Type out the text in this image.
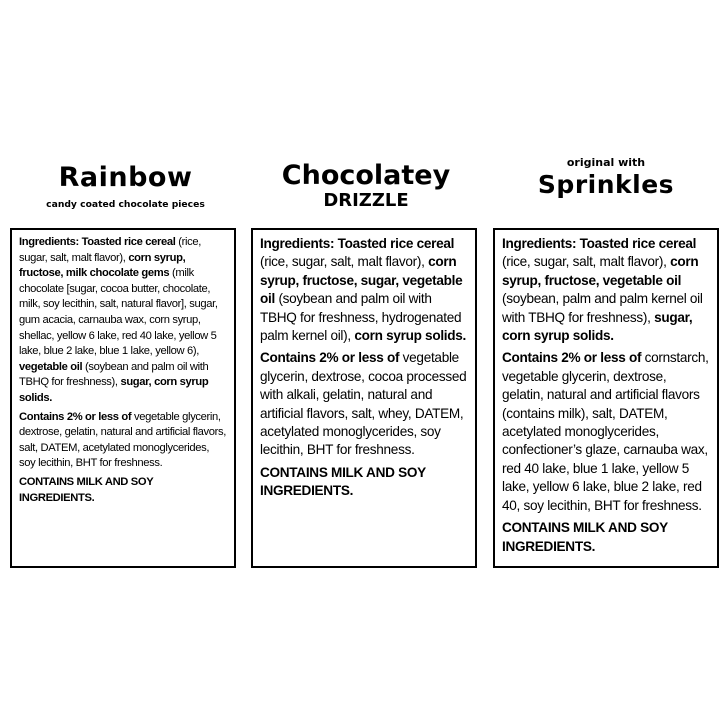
Rainbow
candy coated chocolate pieces

Ingredients: Toasted rice cereal (rice, sugar, salt, malt flavor), corn syrup, fructose, milk chocolate gems (milk chocolate [sugar, cocoa butter, chocolate, milk, soy lecithin, salt, natural flavor], sugar, gum acacia, carnauba wax, corn syrup, shellac, yellow 6 lake, red 40 lake, yellow 5 lake, blue 2 lake, blue 1 lake, yellow 6), vegetable oil (soybean and palm oil with TBHQ for freshness), sugar, corn syrup solids.

Contains 2% or less of vegetable glycerin, dextrose, gelatin, natural and artificial flavors, salt, DATEM, acetylated monoglycerides, soy lecithin, BHT for freshness.

CONTAINS MILK AND SOY INGREDIENTS.

Chocolatey
DRIZZLE

Ingredients: Toasted rice cereal (rice, sugar, salt, malt flavor), corn syrup, fructose, sugar, vegetable oil (soybean and palm oil with TBHQ for freshness, hydrogenated palm kernel oil), corn syrup solids.

Contains 2% or less of vegetable glycerin, dextrose, cocoa processed with alkali, gelatin, natural and artificial flavors, salt, whey, DATEM, acetylated monoglycerides, soy lecithin, BHT for freshness.

CONTAINS MILK AND SOY INGREDIENTS.

original with
Sprinkles

Ingredients: Toasted rice cereal (rice, sugar, salt, malt flavor), corn syrup, fructose, vegetable oil (soybean, palm and palm kernel oil with TBHQ for freshness), sugar, corn syrup solids.

Contains 2% or less of cornstarch, vegetable glycerin, dextrose, gelatin, natural and artificial flavors (contains milk), salt, DATEM, acetylated monoglycerides, confectioner’s glaze, carnauba wax, red 40 lake, blue 1 lake, yellow 5 lake, yellow 6 lake, blue 2 lake, red 40, soy lecithin, BHT for freshness.

CONTAINS MILK AND SOY INGREDIENTS.
